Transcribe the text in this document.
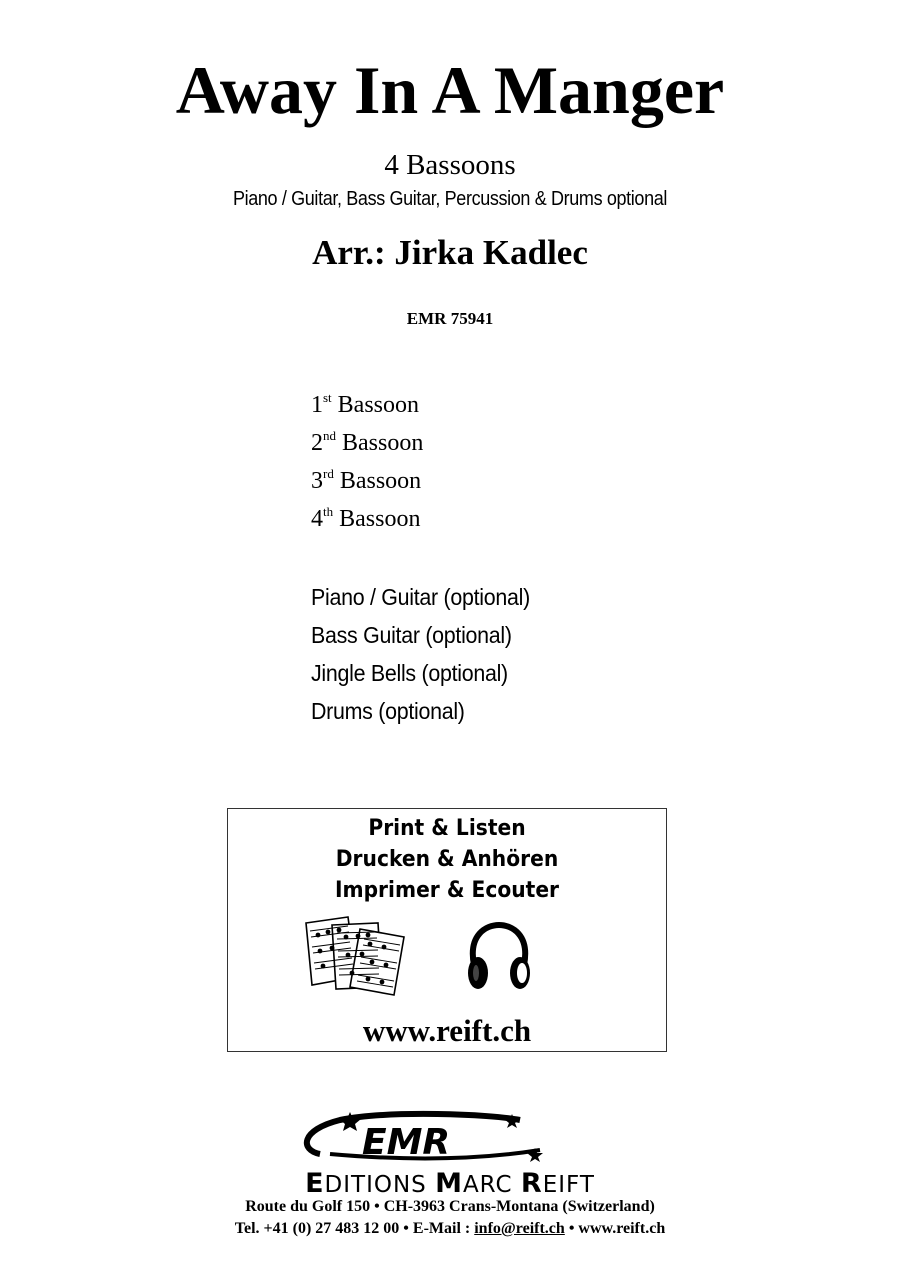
Away In A Manger
4 Bassoons
Piano / Guitar, Bass Guitar, Percussion & Drums optional
Arr.: Jirka Kadlec
EMR 75941
1st Bassoon
2nd Bassoon
3rd Bassoon
4th Bassoon
Piano / Guitar (optional)
Bass Guitar (optional)
Jingle Bells (optional)
Drums (optional)
Print & Listen
Drucken & Anhören
Imprimer & Ecouter
www.reift.ch
EMR
EDITIONS MARC REIFT
Route du Golf 150 • CH-3963 Crans-Montana (Switzerland)
Tel. +41 (0) 27 483 12 00 • E-Mail : info@reift.ch • www.reift.ch
